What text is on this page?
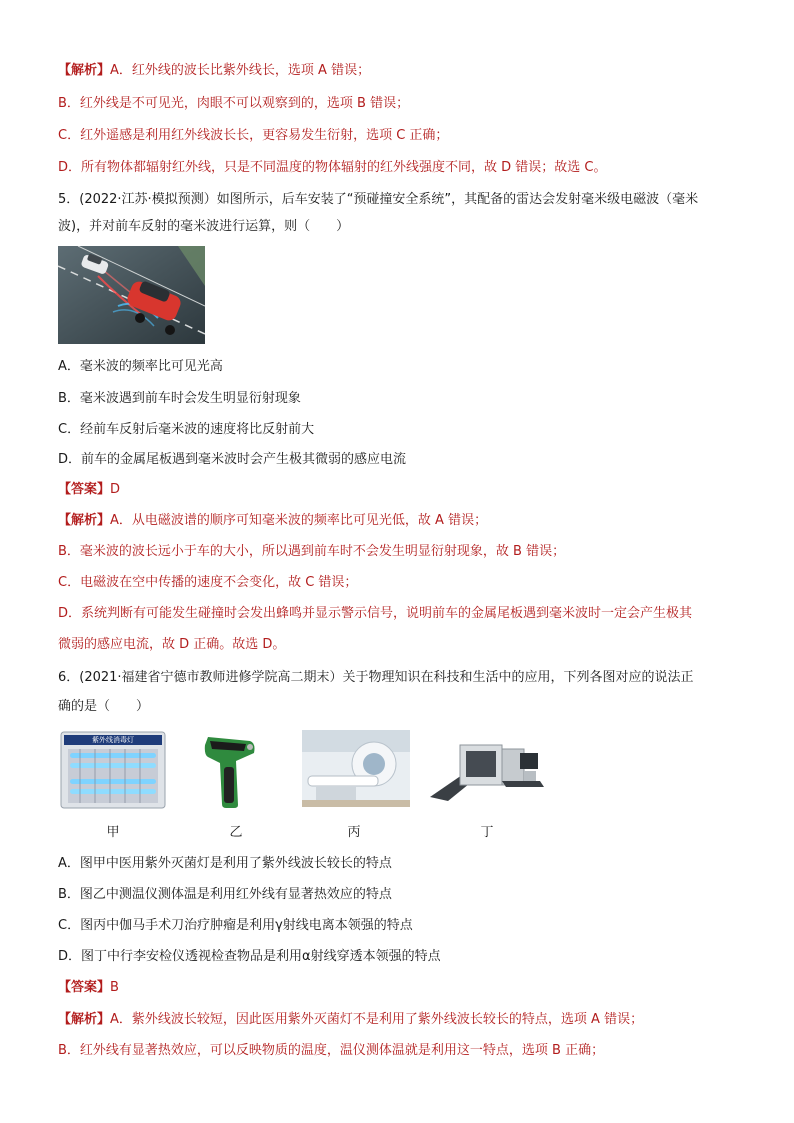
【解析】A．红外线的波长比紫外线长，选项 A 错误；
B．红外线是不可见光，肉眼不可以观察到的，选项 B 错误；
C．红外遥感是利用红外线波长长，更容易发生衍射，选项 C 正确；
D．所有物体都辐射红外线，只是不同温度的物体辐射的红外线强度不同，故 D 错误；故选 C。
5．(2022·江苏·模拟预测）如图所示，后车安装了“预碰撞安全系统”，其配备的雷达会发射毫米级电磁波（毫米
波)，并对前车反射的毫米波进行运算，则（　　）
A．毫米波的频率比可见光高
B．毫米波遇到前车时会发生明显衍射现象
C．经前车反射后毫米波的速度将比反射前大
D．前车的金属尾板遇到毫米波时会产生极其微弱的感应电流
【答案】D
【解析】A．从电磁波谱的顺序可知毫米波的频率比可见光低，故 A 错误；
B．毫米波的波长远小于车的大小，所以遇到前车时不会发生明显衍射现象，故 B 错误；
C．电磁波在空中传播的速度不会变化，故 C 错误；
D．系统判断有可能发生碰撞时会发出蜂鸣并显示警示信号，说明前车的金属尾板遇到毫米波时一定会产生极其
微弱的感应电流，故 D 正确。故选 D。
6．(2021·福建省宁德市教师进修学院高二期末）关于物理知识在科技和生活中的应用，下列各图对应的说法正
确的是（　　）
紫外线消毒灯
甲	乙	丙	丁
A．图甲中医用紫外灭菌灯是利用了紫外线波长较长的特点
B．图乙中测温仪测体温是利用红外线有显著热效应的特点
C．图丙中伽马手术刀治疗肿瘤是利用γ射线电离本领强的特点
D．图丁中行李安检仪透视检查物品是利用α射线穿透本领强的特点
【答案】B
【解析】A．紫外线波长较短，因此医用紫外灭菌灯不是利用了紫外线波长较长的特点，选项 A 错误；
B．红外线有显著热效应，可以反映物质的温度，温仪测体温就是利用这一特点，选项 B 正确；
